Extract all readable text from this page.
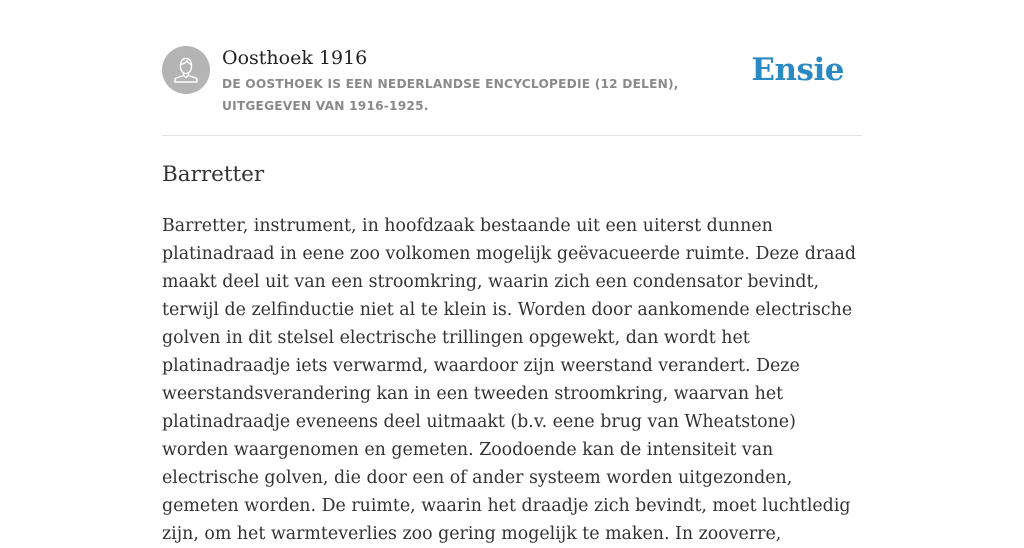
Oosthoek 1916
DE OOSTHOEK IS EEN NEDERLANDSE ENCYCLOPEDIE (12 DELEN), UITGEGEVEN VAN 1916-1925.
Ensie
Barretter

Barretter, instrument, in hoofdzaak bestaande uit een uiterst dunnen platinadraad in eene zoo volkomen mogelijk geëvacueerde ruimte. Deze draad maakt deel uit van een stroomkring, waarin zich een condensator bevindt, terwijl de zelfinductie niet al te klein is. Worden door aankomende electrische golven in dit stelsel electrische trillingen opgewekt, dan wordt het platinadraadje iets verwarmd, waardoor zijn weerstand verandert. Deze weerstandsverandering kan in een tweeden stroomkring, waarvan het platinadraadje eveneens deel uitmaakt (b.v. eene brug van Wheatstone) worden waargenomen en gemeten. Zoodoende kan de intensiteit van electrische golven, die door een of ander systeem worden uitgezonden, gemeten worden. De ruimte, waarin het draadje zich bevindt, moet luchtledig zijn, om het warmteverlies zoo gering mogelijk te maken. In zooverre,
